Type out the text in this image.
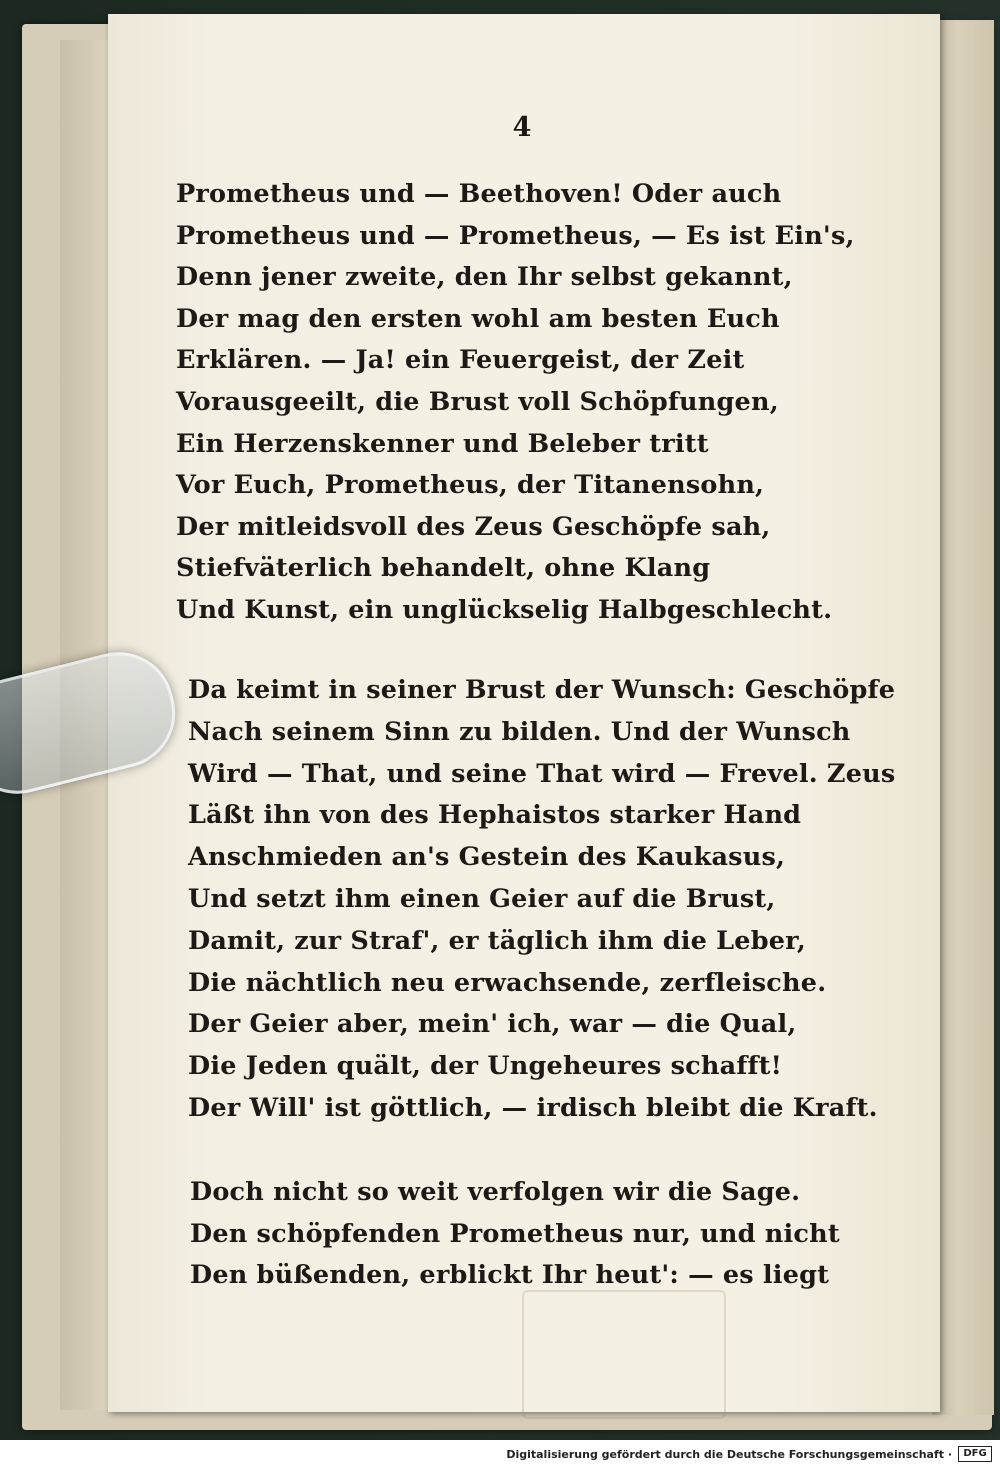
4
Prometheus und — Beethoven! Oder auch
Prometheus und — Prometheus, — Es ist Ein's,
Denn jener zweite, den Ihr selbst gekannt,
Der mag den ersten wohl am besten Euch
Erklären. — Ja! ein Feuergeist, der Zeit
Vorausgeeilt, die Brust voll Schöpfungen,
Ein Herzenskenner und Beleber tritt
Vor Euch, Prometheus, der Titanensohn,
Der mitleidsvoll des Zeus Geschöpfe sah,
Stiefväterlich behandelt, ohne Klang
Und Kunst, ein unglückselig Halbgeschlecht.
Da keimt in seiner Brust der Wunsch: Geschöpfe
Nach seinem Sinn zu bilden. Und der Wunsch
Wird — That, und seine That wird — Frevel. Zeus
Läßt ihn von des Hephaistos starker Hand
Anschmieden an's Gestein des Kaukasus,
Und setzt ihm einen Geier auf die Brust,
Damit, zur Straf', er täglich ihm die Leber,
Die nächtlich neu erwachsende, zerfleische.
Der Geier aber, mein' ich, war — die Qual,
Die Jeden quält, der Ungeheures schafft!
Der Will' ist göttlich, — irdisch bleibt die Kraft.
Doch nicht so weit verfolgen wir die Sage.
Den schöpfenden Prometheus nur, und nicht
Den büßenden, erblickt Ihr heut': — es liegt
Digitalisierung gefördert durch die Deutsche Forschungsgemeinschaft ·	DFG
